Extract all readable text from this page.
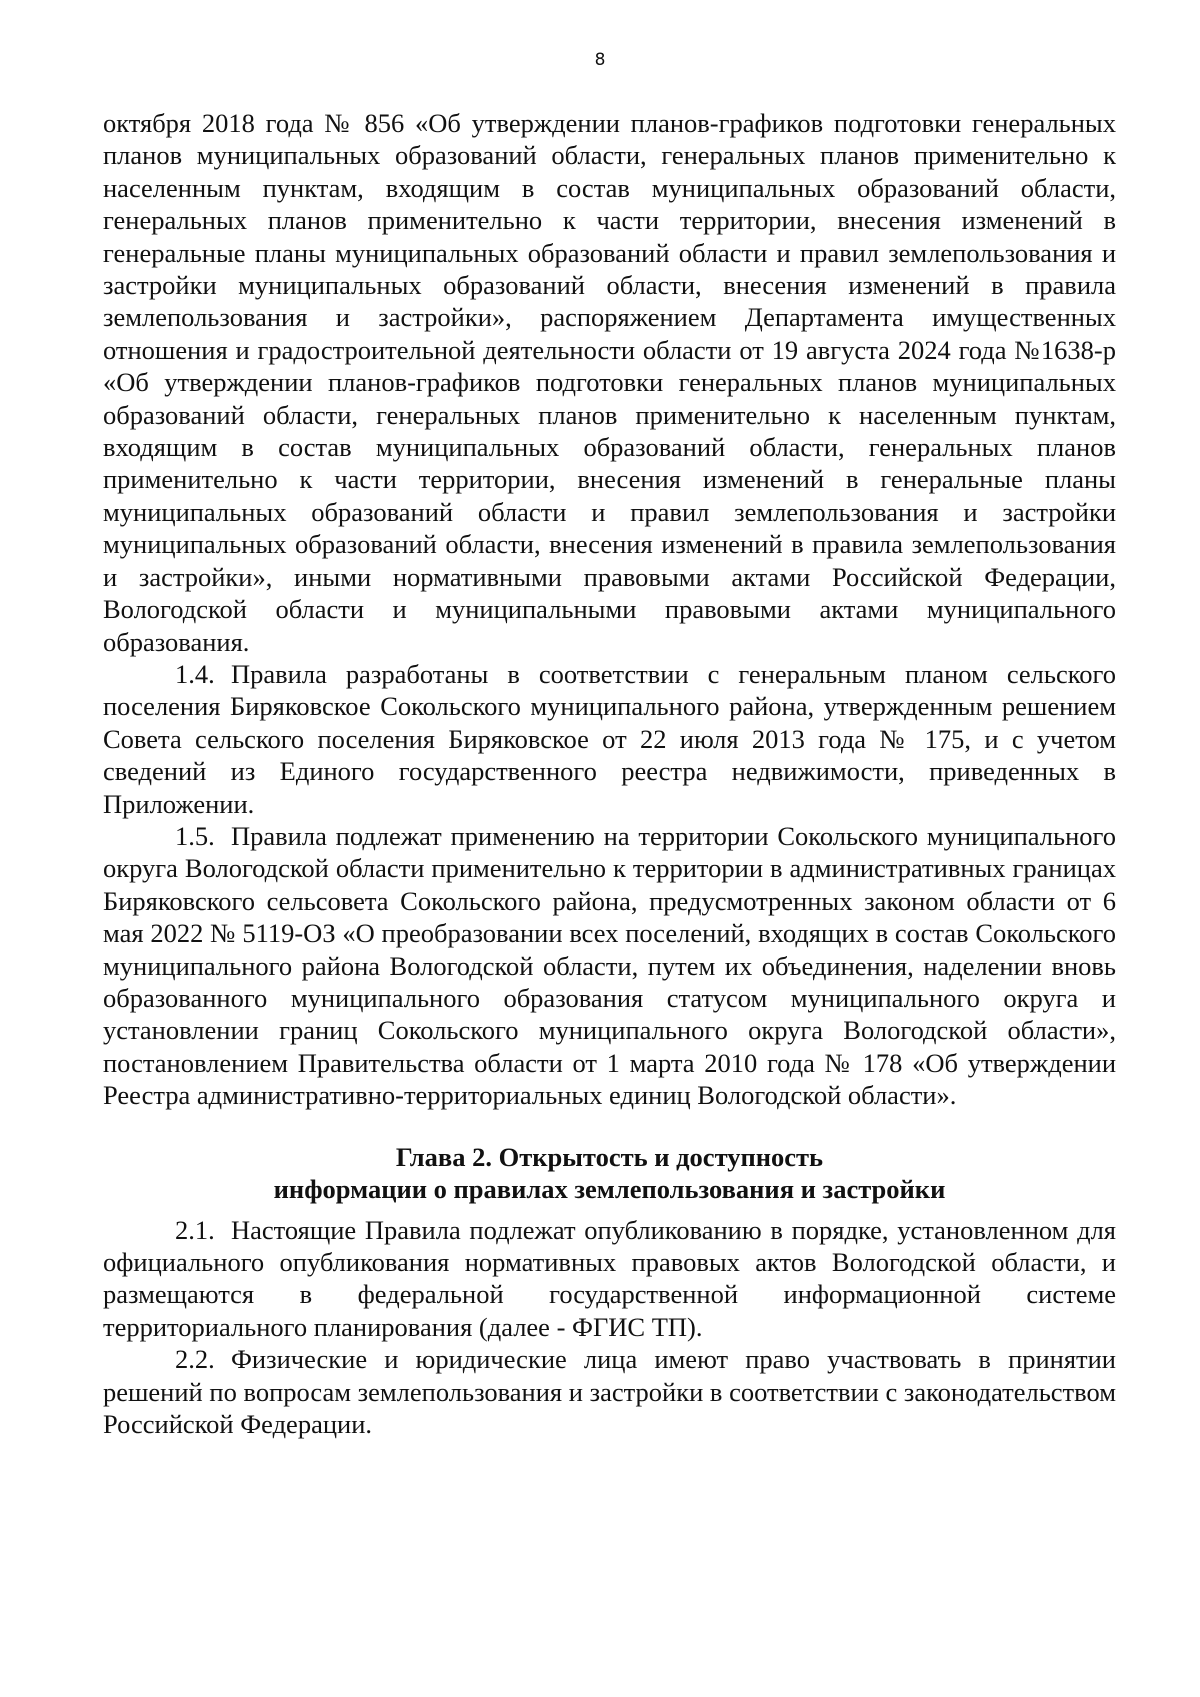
8

октября 2018 года № 856 «Об утверждении планов-графиков подготовки генеральных планов муниципальных образований области, генеральных планов применительно к населенным пунктам, входящим в состав муниципальных образований области, генеральных планов применительно к части территории, внесения изменений в генеральные планы муниципальных образований области и правил землепользования и застройки муниципальных образований области, внесения изменений в правила землепользования и застройки», распоряжением Департамента имущественных отношения и градостроительной деятельности области от 19 августа 2024 года №1638-р «Об утверждении планов-графиков подготовки генеральных планов муниципальных образований области, генеральных планов применительно к населенным пунктам, входящим в состав муниципальных образований области, генеральных планов применительно к части территории, внесения изменений в генеральные планы муниципальных образований области и правил землепользования и застройки муниципальных образований области, внесения изменений в правила землепользования и застройки», иными нормативными правовыми актами Российской Федерации, Вологодской области и муниципальными правовыми актами муниципального образования.

1.4. Правила разработаны в соответствии с генеральным планом сельского поселения Биряковское Сокольского муниципального района, утвержденным решением Совета сельского поселения Биряковское от 22 июля 2013 года № 175, и с учетом сведений из Единого государственного реестра недвижимости, приведенных в Приложении.

1.5. Правила подлежат применению на территории Сокольского муниципального округа Вологодской области применительно к территории в административных границах Биряковского сельсовета Сокольского района, предусмотренных законом области от 6 мая 2022 № 5119-ОЗ «О преобразовании всех поселений, входящих в состав Сокольского муниципального района Вологодской области, путем их объединения, наделении вновь образованного муниципального образования статусом муниципального округа и установлении границ Сокольского муниципального округа Вологодской области», постановлением Правительства области от 1 марта 2010 года № 178 «Об утверждении Реестра административно-территориальных единиц Вологодской области».

Глава 2. Открытость и доступность
информации о правилах землепользования и застройки

2.1. Настоящие Правила подлежат опубликованию в порядке, установленном для официального опубликования нормативных правовых актов Вологодской области, и размещаются в федеральной государственной информационной системе территориального планирования (далее - ФГИС ТП).

2.2. Физические и юридические лица имеют право участвовать в принятии решений по вопросам землепользования и застройки в соответствии с законодательством Российской Федерации.
